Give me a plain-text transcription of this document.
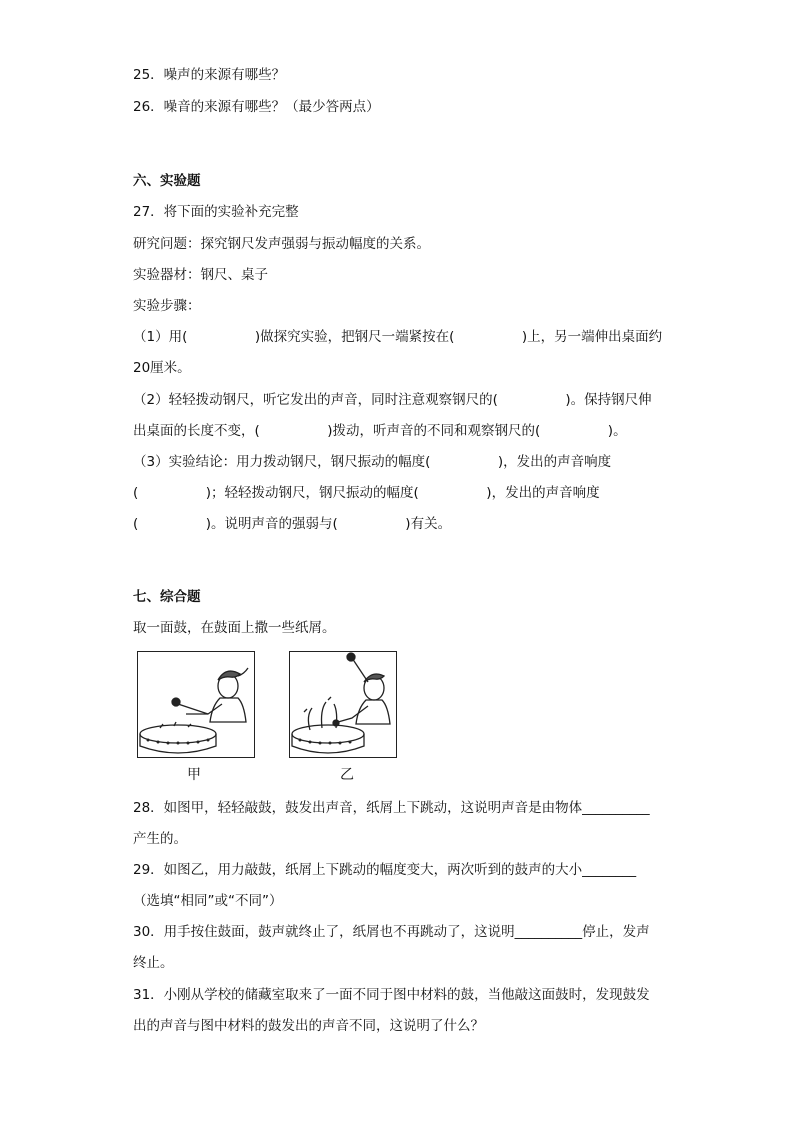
25．噪声的来源有哪些？
26．噪音的来源有哪些？（最少答两点）
六、实验题
27．将下面的实验补充完整
研究问题：探究钢尺发声强弱与振动幅度的关系。
实验器材：钢尺、桌子
实验步骤：
（1）用(　　　　　)做探究实验，把钢尺一端紧按在(　　　　　)上，另一端伸出桌面约
20厘米。
（2）轻轻拨动钢尺，听它发出的声音，同时注意观察钢尺的(　　　　　)。保持钢尺伸
出桌面的长度不变，(　　　　　)拨动，听声音的不同和观察钢尺的(　　　　　)。
（3）实验结论：用力拨动钢尺，钢尺振动的幅度(　　　　　)，发出的声音响度
(　　　　　)；轻轻拨动钢尺，钢尺振动的幅度(　　　　　)，发出的声音响度
(　　　　　)。说明声音的强弱与(　　　　　)有关。
七、综合题
取一面鼓，在鼓面上撒一些纸屑。
甲	乙
28．如图甲，轻轻敲鼓，鼓发出声音，纸屑上下跳动，这说明声音是由物体__________
产生的。
29．如图乙，用力敲鼓，纸屑上下跳动的幅度变大，两次听到的鼓声的大小________
（选填“相同”或“不同”）
30．用手按住鼓面，鼓声就终止了，纸屑也不再跳动了，这说明__________停止，发声
终止。
31．小刚从学校的储藏室取来了一面不同于图中材料的鼓，当他敲这面鼓时，发现鼓发
出的声音与图中材料的鼓发出的声音不同，这说明了什么？
